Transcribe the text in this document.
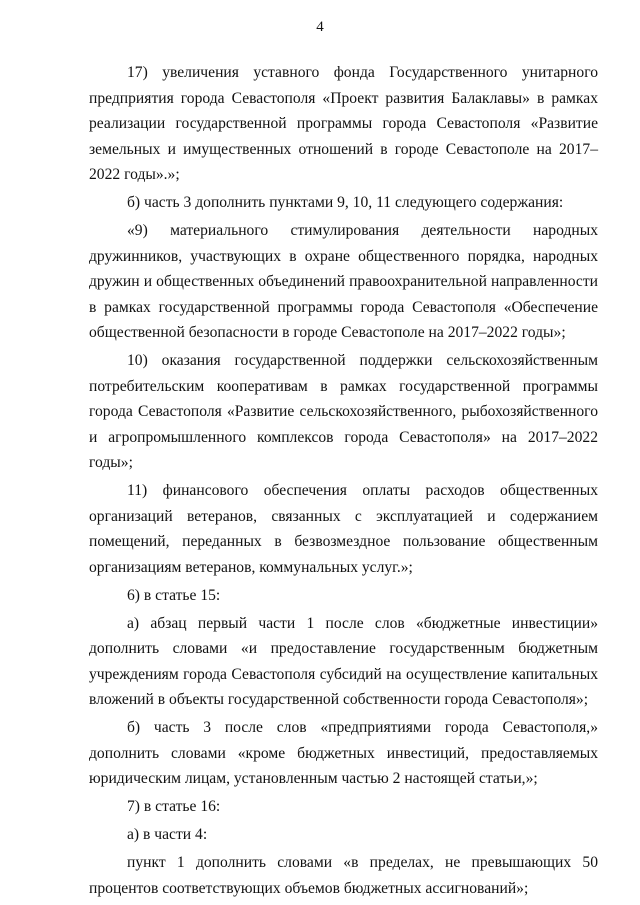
4

17) увеличения уставного фонда Государственного унитарного предприятия города Севастополя «Проект развития Балаклавы» в рамках реализации государственной программы города Севастополя «Развитие земельных и имущественных отношений в городе Севастополе на 2017–2022 годы».»;

б) часть 3 дополнить пунктами 9, 10, 11 следующего содержания:

«9) материального стимулирования деятельности народных дружинников, участвующих в охране общественного порядка, народных дружин и общественных объединений правоохранительной направленности в рамках государственной программы города Севастополя «Обеспечение общественной безопасности в городе Севастополе на 2017–2022 годы»;

10) оказания государственной поддержки сельскохозяйственным потребительским кооперативам в рамках государственной программы города Севастополя «Развитие сельскохозяйственного, рыбохозяйственного и агропромышленного комплексов города Севастополя» на 2017–2022 годы»;

11) финансового обеспечения оплаты расходов общественных организаций ветеранов, связанных с эксплуатацией и содержанием помещений, переданных в безвозмездное пользование общественным организациям ветеранов, коммунальных услуг.»;

6) в статье 15:

а) абзац первый части 1 после слов «бюджетные инвестиции» дополнить словами «и предоставление государственным бюджетным учреждениям города Севастополя субсидий на осуществление капитальных вложений в объекты государственной собственности города Севастополя»;

б) часть 3 после слов «предприятиями города Севастополя,» дополнить словами «кроме бюджетных инвестиций, предоставляемых юридическим лицам, установленным частью 2 настоящей статьи,»;

7) в статье 16:

а) в части 4:

пункт 1 дополнить словами «в пределах, не превышающих 50 процентов соответствующих объемов бюджетных ассигнований»;
